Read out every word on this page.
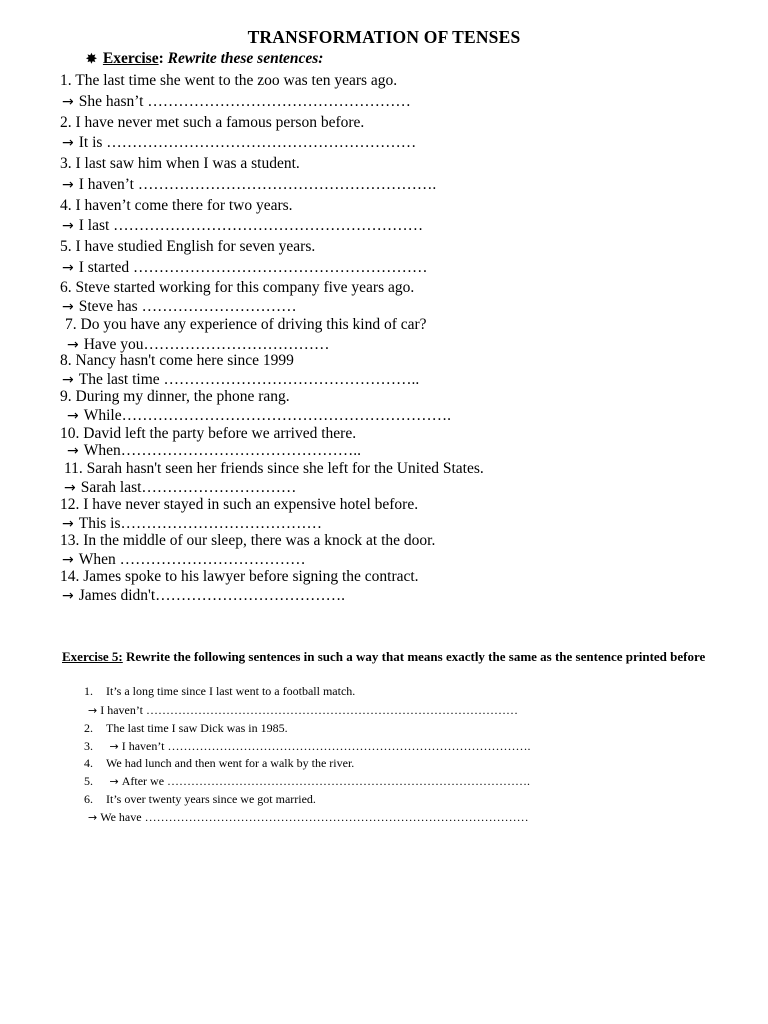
TRANSFORMATION OF TENSES
✸ Exercise: Rewrite these sentences:
1. The last time she went to the zoo was ten years ago.
→ She hasn’t ……………………………………………
2. I have never met such a famous person before.
→ It is ……………………………………………………
3. I last saw him when I was a student.
→ I haven’t ………………………………………………….
4. I haven’t come there for two years.
→ I last ……………………………………………………
5. I have studied English for seven years.
→ I started …………………………………………………
6. Steve started working for this company five years ago.
→ Steve has …………………………
7. Do you have any experience of driving this kind of car?
→ Have you………………………………
8. Nancy hasn't come here since 1999
→ The last time …………………………………………..
9. During my dinner, the phone rang.
→ While……………………………………………………….
10. David left the party before we arrived there.
→ When………………………………………..
11. Sarah hasn't seen her friends since she left for the United States.
→ Sarah last…………………………
12. I have never stayed in such an expensive hotel before.
→ This is…………………………………
13. In the middle of our sleep, there was a knock at the door.
→ When ………………………………
14. James spoke to his lawyer before signing the contract.
→ James didn't……………………………….
Exercise 5: Rewrite the following sentences in such a way that means exactly the same as the sentence printed before
1. It’s a long time since I last went to a football match.
→ I haven’t …………………………………………………………………………………
2. The last time I saw Dick was in 1985.
3. → I haven’t ……………………………………………………………………………….
4. We had lunch and then went for a walk by the river.
5. → After we ……………………………………………………………………………….
6. It’s over twenty years since we got married.
→ We have ……………………………………………………………………………………
